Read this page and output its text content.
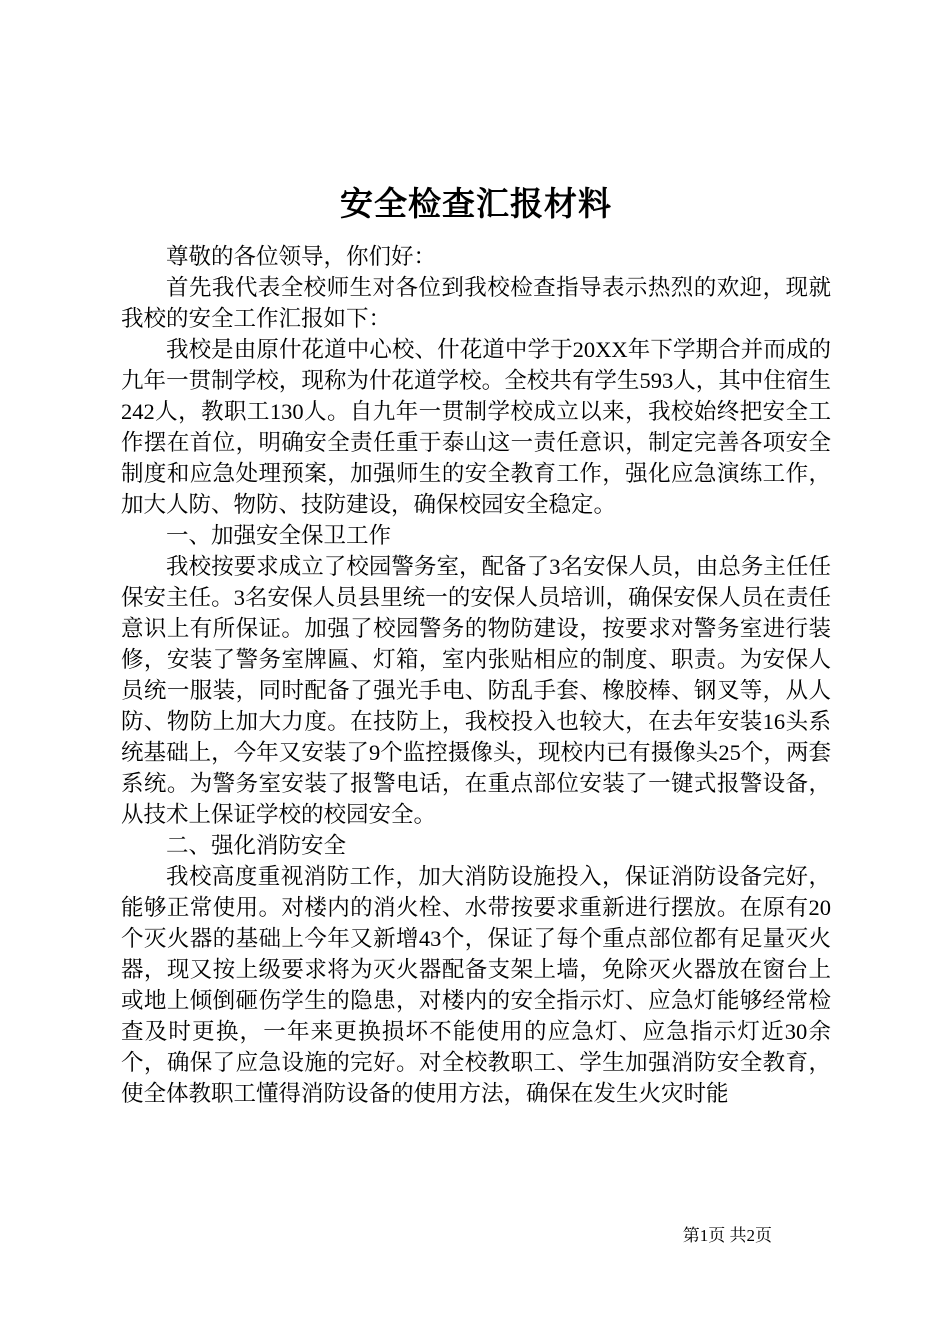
安全检查汇报材料

尊敬的各位领导，你们好：

首先我代表全校师生对各位到我校检查指导表示热烈的欢迎，现就我校的安全工作汇报如下：

我校是由原什花道中心校、什花道中学于20XX年下学期合并而成的九年一贯制学校，现称为什花道学校。全校共有学生593人，其中住宿生242人，教职工130人。自九年一贯制学校成立以来，我校始终把安全工作摆在首位，明确安全责任重于泰山这一责任意识，制定完善各项安全制度和应急处理预案，加强师生的安全教育工作，强化应急演练工作，加大人防、物防、技防建设，确保校园安全稳定。

一、加强安全保卫工作

我校按要求成立了校园警务室，配备了3名安保人员，由总务主任任保安主任。3名安保人员县里统一的安保人员培训，确保安保人员在责任意识上有所保证。加强了校园警务的物防建设，按要求对警务室进行装修，安装了警务室牌匾、灯箱，室内张贴相应的制度、职责。为安保人员统一服装，同时配备了强光手电、防乱手套、橡胶棒、钢叉等，从人防、物防上加大力度。在技防上，我校投入也较大，在去年安装16头系统基础上，今年又安装了9个监控摄像头，现校内已有摄像头25个，两套系统。为警务室安装了报警电话，在重点部位安装了一键式报警设备，从技术上保证学校的校园安全。

二、强化消防安全

我校高度重视消防工作，加大消防设施投入，保证消防设备完好，能够正常使用。对楼内的消火栓、水带按要求重新进行摆放。在原有20个灭火器的基础上今年又新增43个，保证了每个重点部位都有足量灭火器，现又按上级要求将为灭火器配备支架上墙，免除灭火器放在窗台上或地上倾倒砸伤学生的隐患，对楼内的安全指示灯、应急灯能够经常检查及时更换，一年来更换损坏不能使用的应急灯、应急指示灯近30余个，确保了应急设施的完好。对全校教职工、学生加强消防安全教育，使全体教职工懂得消防设备的使用方法，确保在发生火灾时能

第1页 共2页
